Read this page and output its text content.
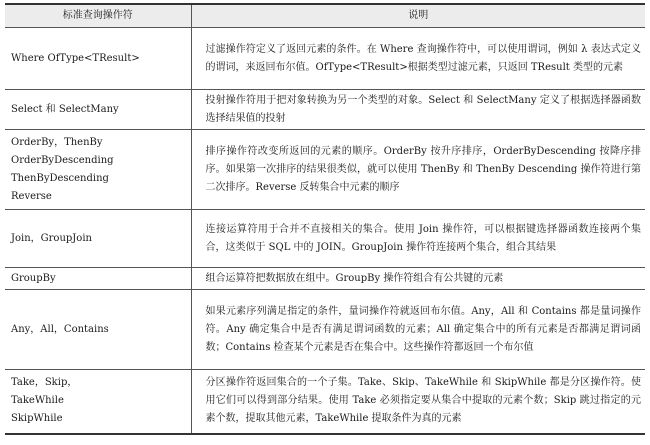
标准查询操作符	说明

Where OfType<TResult>	过滤操作符定义了返回元素的条件。在 Where 查询操作符中，可以使用谓词，例如 λ 表达式定义的谓词，来返回布尔值。OfType<TResult>根据类型过滤元素，只返回 TResult 类型的元素

Select 和 SelectMany	投射操作符用于把对象转换为另一个类型的对象。Select 和 SelectMany 定义了根据选择器函数选择结果值的投射

OrderBy，ThenBy
OrderByDescending
ThenByDescending
Reverse	排序操作符改变所返回的元素的顺序。OrderBy 按升序排序，OrderByDescending 按降序排序。如果第一次排序的结果很类似，就可以使用 ThenBy 和 ThenBy Descending 操作符进行第二次排序。Reverse 反转集合中元素的顺序

Join，GroupJoin	连接运算符用于合并不直接相关的集合。使用 Join 操作符，可以根据键选择器函数连接两个集合，这类似于 SQL 中的 JOIN。GroupJoin 操作符连接两个集合，组合其结果

GroupBy	组合运算符把数据放在组中。GroupBy 操作符组合有公共键的元素

Any，All，Contains	如果元素序列满足指定的条件，量词操作符就返回布尔值。Any，All 和 Contains 都是量词操作符。Any 确定集合中是否有满足谓词函数的元素；All 确定集合中的所有元素是否都满足谓词函数；Contains 检查某个元素是否在集合中。这些操作符都返回一个布尔值

Take，Skip，
TakeWhile
SkipWhile	分区操作符返回集合的一个子集。Take、Skip、TakeWhile 和 SkipWhile 都是分区操作符。使用它们可以得到部分结果。使用 Take 必须指定要从集合中提取的元素个数；Skip 跳过指定的元素个数，提取其他元素，TakeWhile 提取条件为真的元素
